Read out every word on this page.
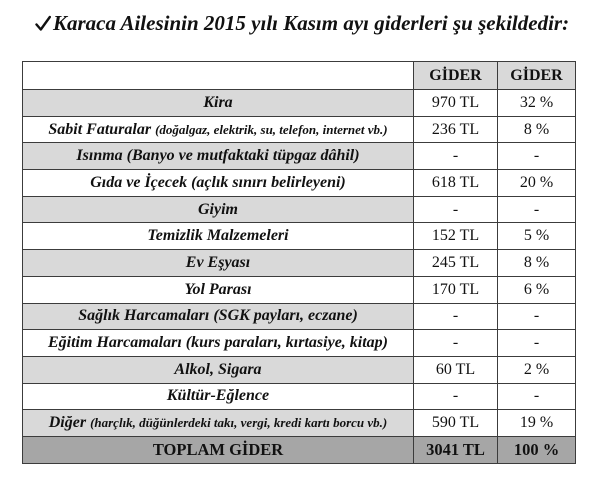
Karaca Ailesinin 2015 yılı Kasım ayı giderleri şu şekildedir:
	GİDER	GİDER
Kira	970 TL	32 %
Sabit Faturalar (doğalgaz, elektrik, su, telefon, internet vb.)	236 TL	8 %
Isınma (Banyo ve mutfaktaki tüpgaz dâhil)	-	-
Gıda ve İçecek (açlık sınırı belirleyeni)	618 TL	20 %
Giyim	-	-
Temizlik Malzemeleri	152 TL	5 %
Ev Eşyası	245 TL	8 %
Yol Parası	170 TL	6 %
Sağlık Harcamaları (SGK payları, eczane)	-	-
Eğitim Harcamaları (kurs paraları, kırtasiye, kitap)	-	-
Alkol, Sigara	60 TL	2 %
Kültür-Eğlence	-	-
Diğer (harçlık, düğünlerdeki takı, vergi, kredi kartı borcu vb.)	590 TL	19 %
TOPLAM GİDER	3041 TL	100 %
